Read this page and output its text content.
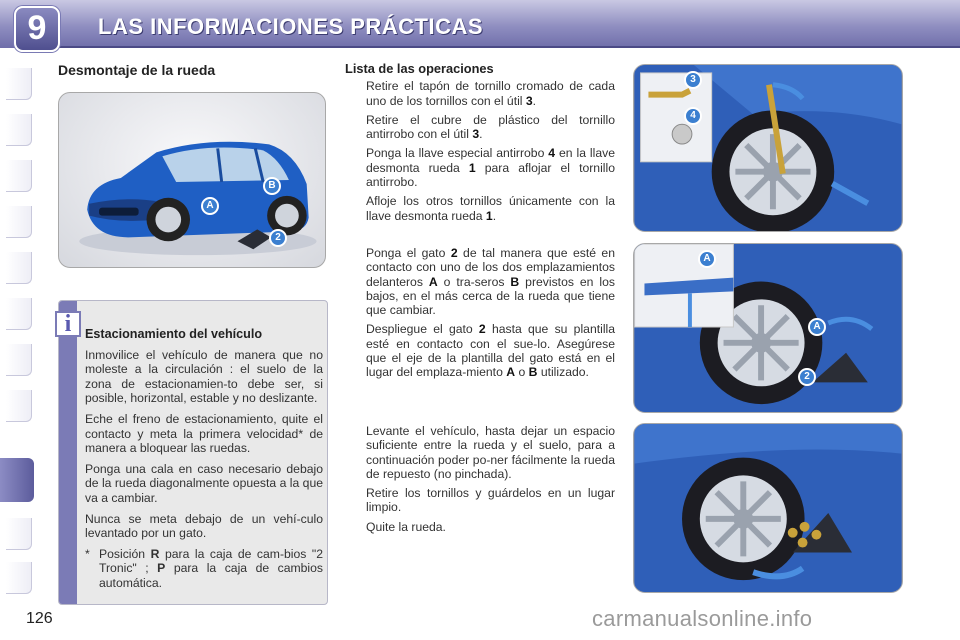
9	LAS INFORMACIONES PRÁCTICAS
Desmontaje de la rueda
A
B
2
i	Estacionamiento del vehículo

Inmovilice el vehículo de manera que no moleste a la circulación : el suelo de la zona de estacionamien-to debe ser, si posible, horizontal, estable y no deslizante.

Eche el freno de estacionamiento, quite el contacto y meta la primera velocidad* de manera a bloquear las ruedas.

Ponga una cala en caso necesario debajo de la rueda diagonalmente opuesta a la que va a cambiar.

Nunca se meta debajo de un vehí-culo levantado por un gato.

* Posición R para la caja de cam-bios "2 Tronic" ; P para la caja de cambios automática.
Lista de las operaciones
Retire el tapón de tornillo cromado de cada uno de los tornillos con el útil 3.
Retire el cubre de plástico del tornillo antirrobo con el útil 3.
Ponga la llave especial antirrobo 4 en la llave desmonta rueda 1 para aflojar el tornillo antirrobo.
Afloje los otros tornillos únicamente con la llave desmonta rueda 1.
Ponga el gato 2 de tal manera que esté en contacto con uno de los dos emplazamientos delanteros A o tra-seros B previstos en los bajos, en el más cerca de la rueda que tiene que cambiar.
Despliegue el gato 2 hasta que su plantilla esté en contacto con el sue-lo. Asegúrese que el eje de la plantilla del gato está en el lugar del emplaza-miento A o B utilizado.
Levante el vehículo, hasta dejar un espacio suficiente entre la rueda y el suelo, para a continuación poder po-ner fácilmente la rueda de repuesto (no pinchada).
Retire los tornillos y guárdelos en un lugar limpio.
Quite la rueda.
3
4
A
A
2
126	carmanualsonline.info
